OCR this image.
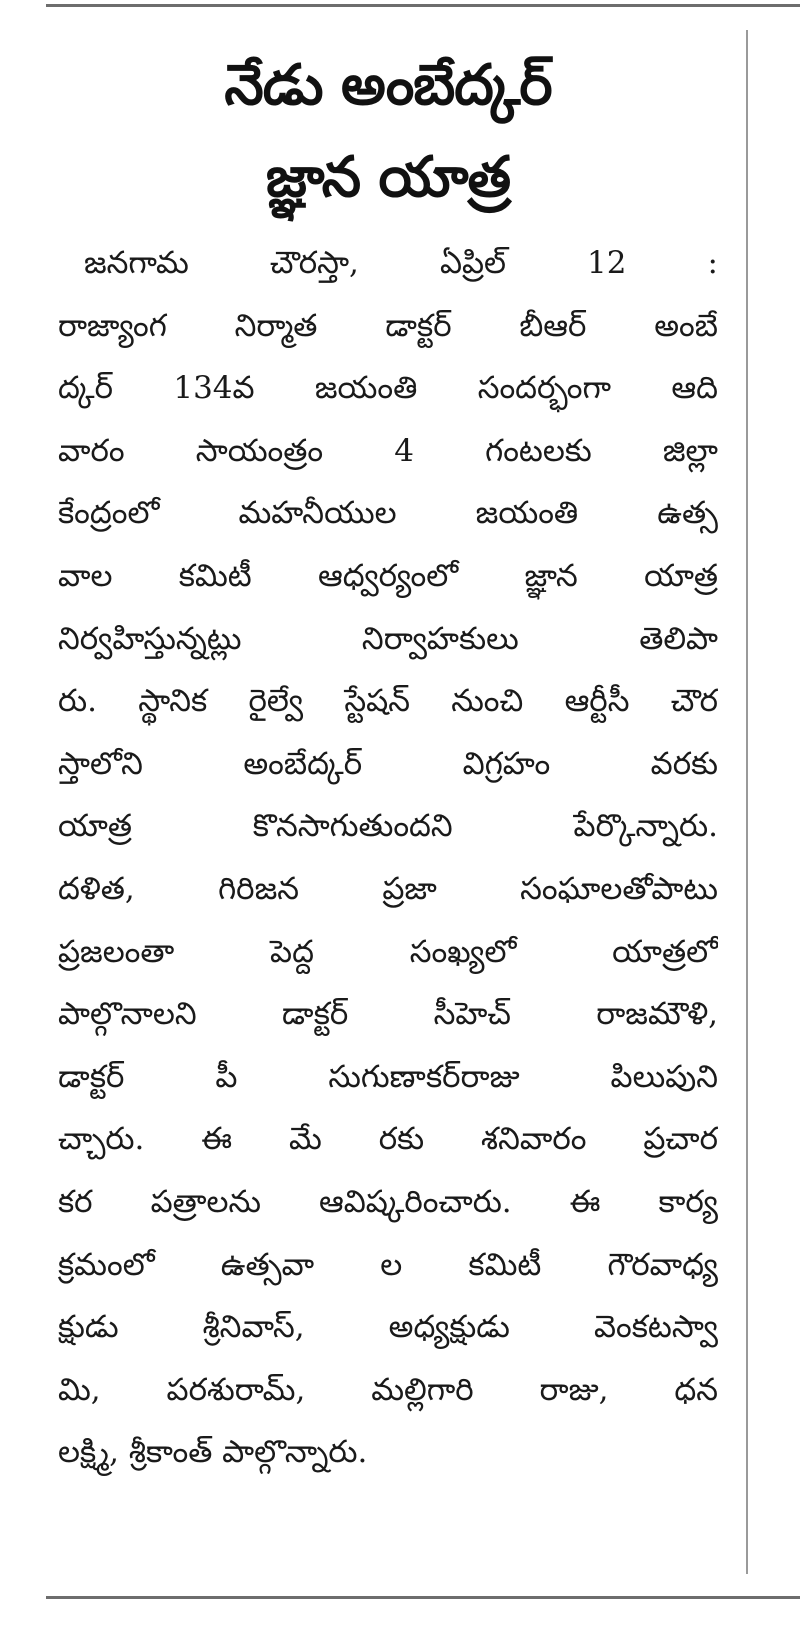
నేడు అంబేద్కర్
జ్ఞాన యాత్ర
జనగామ చౌరస్తా, ఏప్రిల్ 12 :
రాజ్యాంగ నిర్మాత డాక్టర్ బీఆర్ అంబే
ద్కర్ 134వ జయంతి సందర్భంగా ఆది
వారం సాయంత్రం 4 గంటలకు జిల్లా
కేంద్రంలో మహనీయుల జయంతి ఉత్స
వాల కమిటీ ఆధ్వర్యంలో జ్ఞాన యాత్ర
నిర్వహిస్తున్నట్లు నిర్వాహకులు తెలిపా
రు. స్థానిక రైల్వే స్టేషన్ నుంచి ఆర్టీసీ చౌర
స్తాలోని అంబేద్కర్ విగ్రహం వరకు
యాత్ర కొనసాగుతుందని పేర్కొన్నారు.
దళిత, గిరిజన ప్రజా సంఘాలతోపాటు
ప్రజలంతా పెద్ద సంఖ్యలో యాత్రలో
పాల్గొనాలని డాక్టర్ సీహెచ్ రాజమౌళి,
డాక్టర్ పీ సుగుణాకర్‌రాజు పిలుపుని
చ్చారు. ఈ మే రకు శనివారం ప్రచార
కర పత్రాలను ఆవిష్కరించారు. ఈ కార్య
క్రమంలో ఉత్సవా ల కమిటీ గౌరవాధ్య
క్షుడు శ్రీనివాస్, అధ్యక్షుడు వెంకటస్వా
మి, పరశురామ్, మల్లిగారి రాజు, ధన
లక్ష్మి, శ్రీకాంత్ పాల్గొన్నారు.
